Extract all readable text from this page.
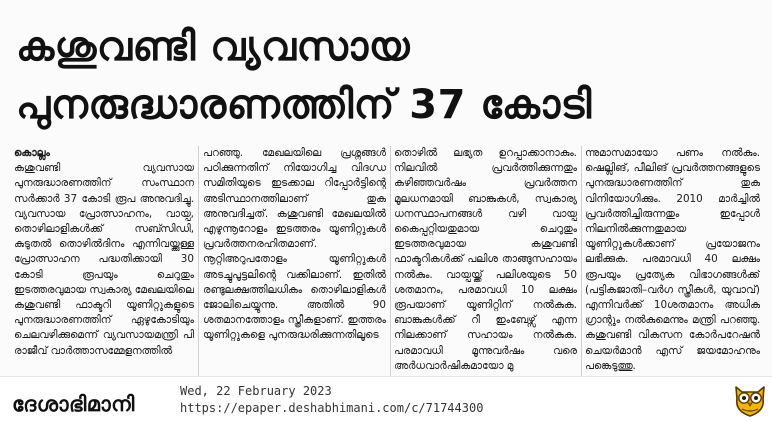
കശുവണ്ടി വ്യവസായ
പുനരുദ്ധാരണത്തിന് 37 കോടി

കൊല്ലം

കശുവണ്ടി വ്യവസായ പുനരുദ്ധാരണത്തിന് സംസ്ഥാന സർക്കാർ 37 കോടി രൂപ അനുവദിച്ചു. വ്യവസായ പ്രോത്സാഹനം, വായ്പ, തൊഴിലാളികൾക്ക് സബ്സിഡി, കുടുതൽ തൊഴിൽദിനം എന്നിവയ്ക്കുള്ള പ്രോത്സാഹന പദ്ധതിക്കായി 30 കോടി രൂപയും ചെറുതും ഇടത്തരവുമായ സ്വകാര്യ മേഖലയിലെ കശുവണ്ടി ഫാക്ടറി യൂണിറ്റുകളുടെ പുനരുദ്ധാരണത്തിന് ഏഴുകോടിയും ചെലവഴിക്കുമെന്ന് വ്യവസായമന്ത്രി പി രാജീവ് വാർത്താസമ്മേളനത്തിൽ

പറഞ്ഞു. മേഖലയിലെ പ്രശ്നങ്ങൾ പഠിക്കുന്നതിന് നിയോഗിച്ച വിദഗ്ധ സമിതിയുടെ ഇടക്കാല റിപ്പോർട്ടിന്റെ അടിസ്ഥാനത്തിലാണ് തുക അനുവദിച്ചത്. കശുവണ്ടി മേഖലയിൽ എഴുന്നൂറോളം ഇടത്തരം യൂണിറ്റുകൾ പ്രവർത്തനരഹിതമാണ്. നൂറ്റിഅറുപതോളം യൂണിറ്റുകൾ അടച്ചുപൂട്ടലിന്റെ വക്കിലാണ്. ഇതിൽ രണ്ടുലക്ഷത്തിലധികം തൊഴിലാളികൾ ജോലിചെയ്യുന്നു. അതിൽ 90 ശതമാനത്തോളം സ്ത്രീകളാണ്. ഇത്തരം യൂണിറ്റുകളെ പുനരുദ്ധരിക്കുന്നതിലൂടെ

തൊഴിൽ ലഭ്യത ഉറപ്പാക്കാനാകും. നിലവിൽ പ്രവർത്തിക്കുന്നതും കഴിഞ്ഞവർഷം പ്രവർത്തന മൂലധനമായി ബാങ്കുകൾ, സ്വകാര്യ ധനസ്ഥാപനങ്ങൾ വഴി വായ്പ കൈപ്പറ്റിയതുമായ ചെറുതും ഇടത്തരവുമായ കശുവണ്ടി ഫാക്ടറികൾക്ക് പലിശ താങ്ങുസഹായം നൽകും. വായ്പയ്ക്ക് പലിശയുടെ 50 ശതമാനം, പരമാവധി 10 ലക്ഷം രൂപയാണ് യൂണിറ്റിന് നൽകുക. ബാങ്കുകൾക്ക് റീ ഇംബേഴ്സ് എന്ന നിലക്കാണ് സഹായം നൽകുക. പരമാവധി മൂന്നുവർഷം വരെ അർധവാർഷികമായോ മു

ന്നുമാസമായോ പണം നൽകും. ഷെല്ലിങ്, പീലിങ് പ്രവർത്തനങ്ങളുടെ പുനരുദ്ധാരണത്തിന് തുക വിനിയോഗിക്കും. 2010 മാർച്ചിൽ പ്രവർത്തിച്ചിരുന്നതും ഇപ്പോൾ നിലനിൽക്കുന്നതുമായ യൂണിറ്റുകൾക്കാണ് പ്രയോജനം ലഭിക്കുക. പരമാവധി 40 ലക്ഷം രൂപയും പ്രത്യേക വിഭാഗങ്ങൾക്ക് (പട്ടികജാതി–വർഗ സ്ത്രീകൾ, യുവാവ്) എന്നിവർക്ക് 10ശതമാനം അധിക ഗ്രാന്റും നൽകുമെന്നും മന്ത്രി പറഞ്ഞു. കശുവണ്ടി വികസന കോർപറേഷൻ ചെയർമാൻ എസ് ജയമോഹനും പങ്കെടുത്തു.

ദേശാഭിമാനി
Wed, 22 February 2023
https://epaper.deshabhimani.com/c/71744300
